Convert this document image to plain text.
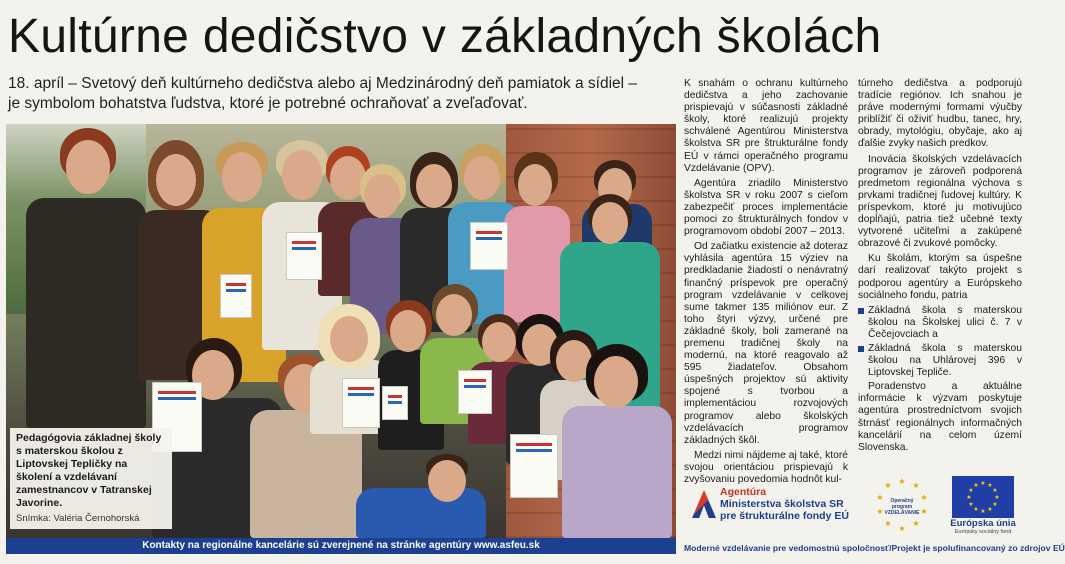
Kultúrne dedičstvo v základných školách

18. apríl – Svetový deň kultúrneho dedičstva alebo aj Medzinárodný deň pamiatok a sídiel –

je symbolom bohatstva ľudstva, ktoré je potrebné ochraňovať a zveľaďovať.

Pedagógovia základnej školy s materskou školou z Liptovskej Tepličky na školení a vzdelávaní zamestnancov v Tatranskej Javorine.
Snímka: Valéria Černohorská
Kontakty na regionálne kancelárie sú zverejnené na stránke agentúry www.asfeu.sk

K snahám o ochranu kultúrneho dedičstva a jeho zachovanie prispievajú v súčasnosti základné školy, ktoré realizujú projekty schválené Agentúrou Ministerstva školstva SR pre štrukturálne fondy EÚ v rámci operačného programu Vzdelávanie (OPV).

Agentúra zriadilo Ministerstvo školstva SR v roku 2007 s cieľom zabezpečiť proces implementácie pomoci zo štrukturálnych fondov v programovom období 2007 – 2013.

Od začiatku existencie až doteraz vyhlásila agentúra 15 výziev na predkladanie žiadostí o nenávratný finančný príspevok pre operačný program vzdelávanie v celkovej sume takmer 135 miliónov eur. Z toho štyri výzvy, určené pre základné školy, boli zamerané na premenu tradičnej školy na modernú, na ktoré reagovalo až 595 žiadateľov. Obsahom úspešných projektov sú aktivity spojené s tvorbou a implementáciou rozvojových programov alebo školských vzdelávacích programov základných škôl.

Medzi nimi nájdeme aj také, ktoré svojou orientáciou prispievajú k zvyšovaniu povedomia hodnôt kul-

túrneho dedičstva a podporujú tradície regiónov. Ich snahou je práve modernými formami výučby priblížiť či oživiť hudbu, tanec, hry, obrady, mytológiu, obyčaje, ako aj ďalšie zvyky našich predkov.

Inovácia školských vzdelávacích programov je zároveň podporená predmetom regionálna výchova s prvkami tradičnej ľudovej kultúry. K príspevkom, ktoré ju motivujúco dopĺňajú, patria tiež učebné texty vytvorené učiteľmi a zakúpené obrazové či zvukové pomôcky.

Ku školám, ktorým sa úspešne darí realizovať takýto projekt s podporou agentúry a Európskeho sociálneho fondu, patria

Základná škola s materskou školou na Školskej ulici č. 7 v Čečejovciach a
Základná škola s materskou školou na Uhlárovej 396 v Liptovskej Tepliče.

Poradenstvo a aktuálne informácie k výzvam poskytuje agentúra prostredníctvom svojich štrnásť regionálnych informačných kancelárií na celom území Slovenska.

Agentúra
Ministerstva školstva SR
pre štrukturálne fondy EÚ
★ ★
★
★
★
★
★
★
★
★
Operačný program VZDELÁVANIE
★ ★
★
★
★
★
★
★
★
★
★
★
Európska únia
Európsky sociálny fond
Moderné vzdelávanie pre vedomostnú spoločnosť/Projekt je spolufinancovaný zo zdrojov EÚ
